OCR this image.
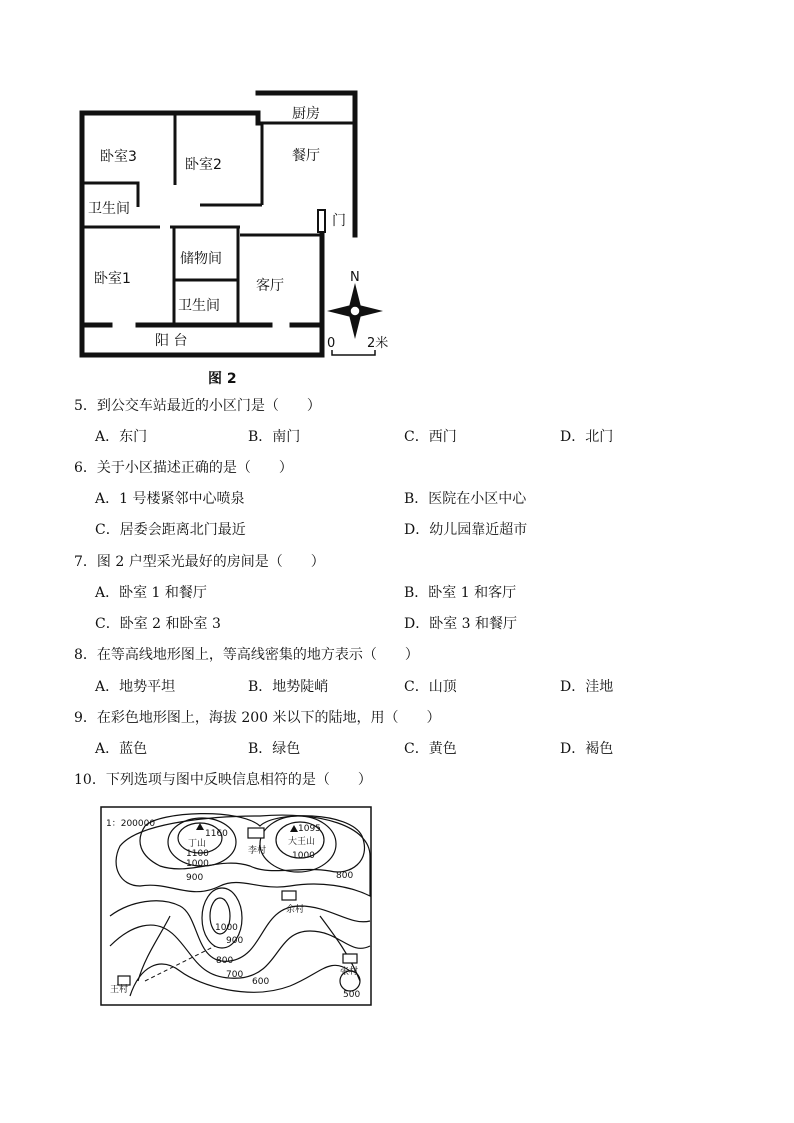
卧室3	卧室2
厨房
餐厅
卫生间
门
卧室1
储物间
客厅
卫生间
阳 台
N
0 2米
图 2
5．到公交车站最近的小区门是（　　）
A．东门	B．南门	C．西门	D．北门
6．关于小区描述正确的是（　　）
A．1 号楼紧邻中心喷泉	B．医院在小区中心
C．居委会距离北门最近	D．幼儿园靠近超市
7．图 2 户型采光最好的房间是（　　）
A．卧室 1 和餐厅	B．卧室 1 和客厅
C．卧室 2 和卧室 3	D．卧室 3 和餐厅
8．在等高线地形图上，等高线密集的地方表示（　　）
A．地势平坦	B．地势陡峭	C．山顶	D．洼地
9．在彩色地形图上，海拔 200 米以下的陆地，用（　　）
A．蓝色	B．绿色	C．黄色	D．褐色
10．下列选项与图中反映信息相符的是（　　）
1：200000
1160
丁山
1100
1000
900
李村
1095
大王山
1000
800
余村
1000
900
800
700
600
王村
张村
500
